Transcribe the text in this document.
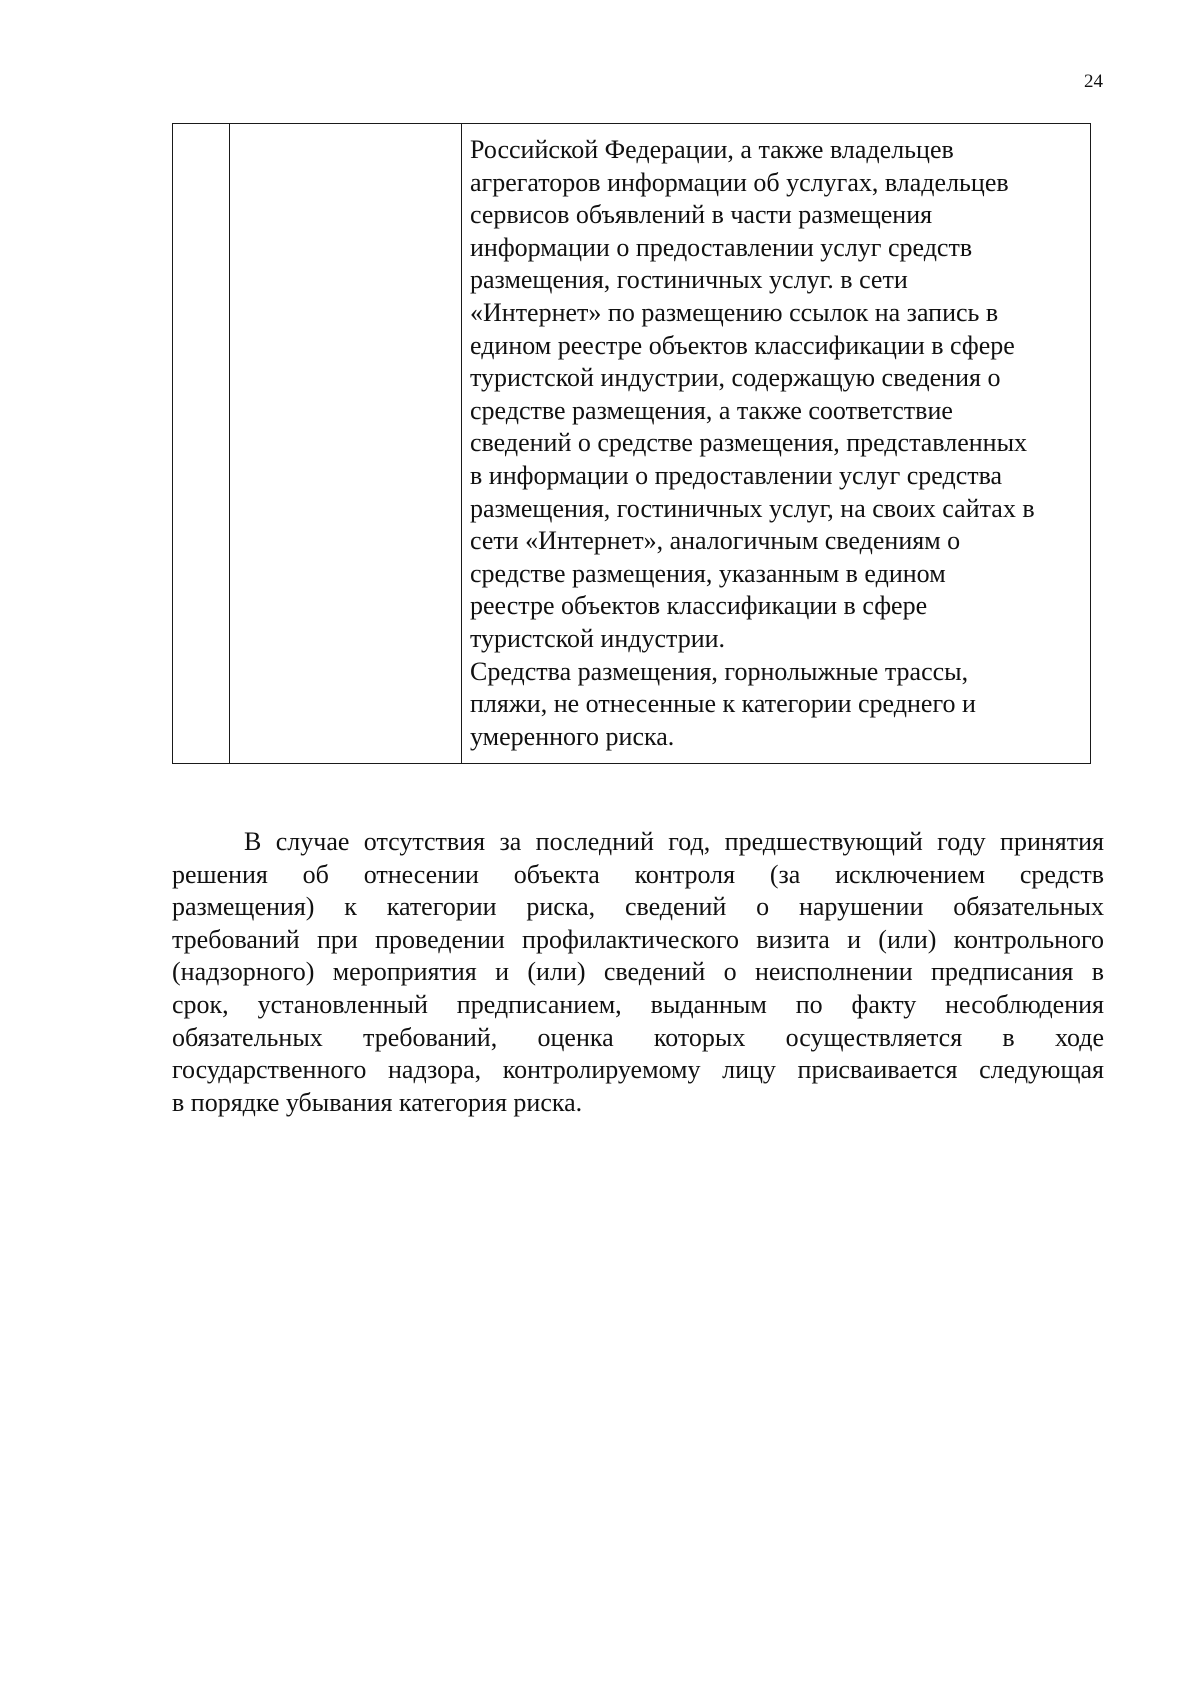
24

Российской Федерации, а также владельцев
агрегаторов информации об услугах, владельцев
сервисов объявлений в части размещения
информации о предоставлении услуг средств
размещения, гостиничных услуг. в сети
«Интернет» по размещению ссылок на запись в
едином реестре объектов классификации в сфере
туристской индустрии, содержащую сведения о
средстве размещения, а также соответствие
сведений о средстве размещения, представленных
в информации о предоставлении услуг средства
размещения, гостиничных услуг, на своих сайтах в
сети «Интернет», аналогичным сведениям о
средстве размещения, указанным в едином
реестре объектов классификации в сфере
туристской индустрии.

Средства размещения, горнолыжные трассы,
пляжи, не отнесенные к категории среднего и
умеренного риска.

В случае отсутствия за последний год, предшествующий году принятия
решения об отнесении объекта контроля (за исключением средств
размещения) к категории риска, сведений о нарушении обязательных
требований при проведении профилактического визита и (или) контрольного
(надзорного) мероприятия и (или) сведений о неисполнении предписания в
срок, установленный предписанием, выданным по факту несоблюдения
обязательных требований, оценка которых осуществляется в ходе
государственного надзора, контролируемому лицу присваивается следующая
в порядке убывания категория риска.
